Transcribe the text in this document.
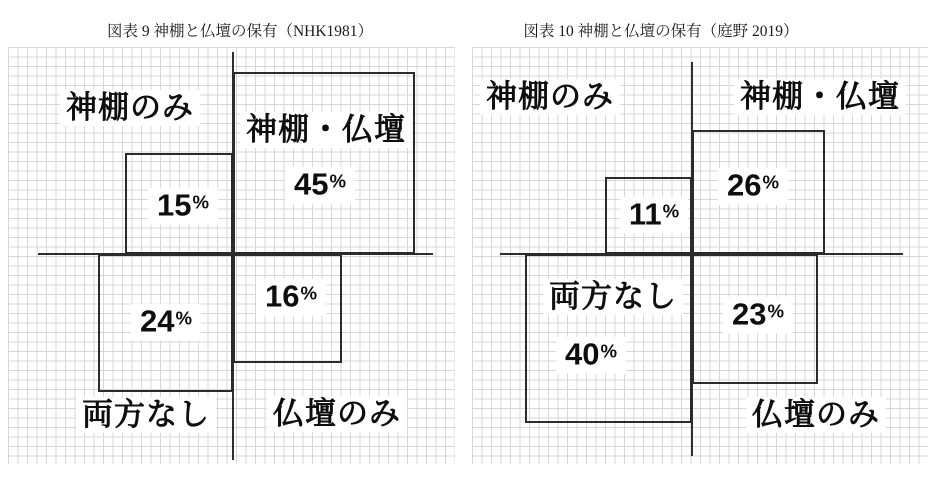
図表 9 神棚と仏壇の保有（NHK1981）
神棚のみ
神棚・仏壇
両方なし 仏壇のみ
45%
15%
24%
16%
図表 10 神棚と仏壇の保有（庭野 2019）
神棚のみ	神棚・仏壇
両方なし
仏壇のみ
26%
11%
40%
23%
